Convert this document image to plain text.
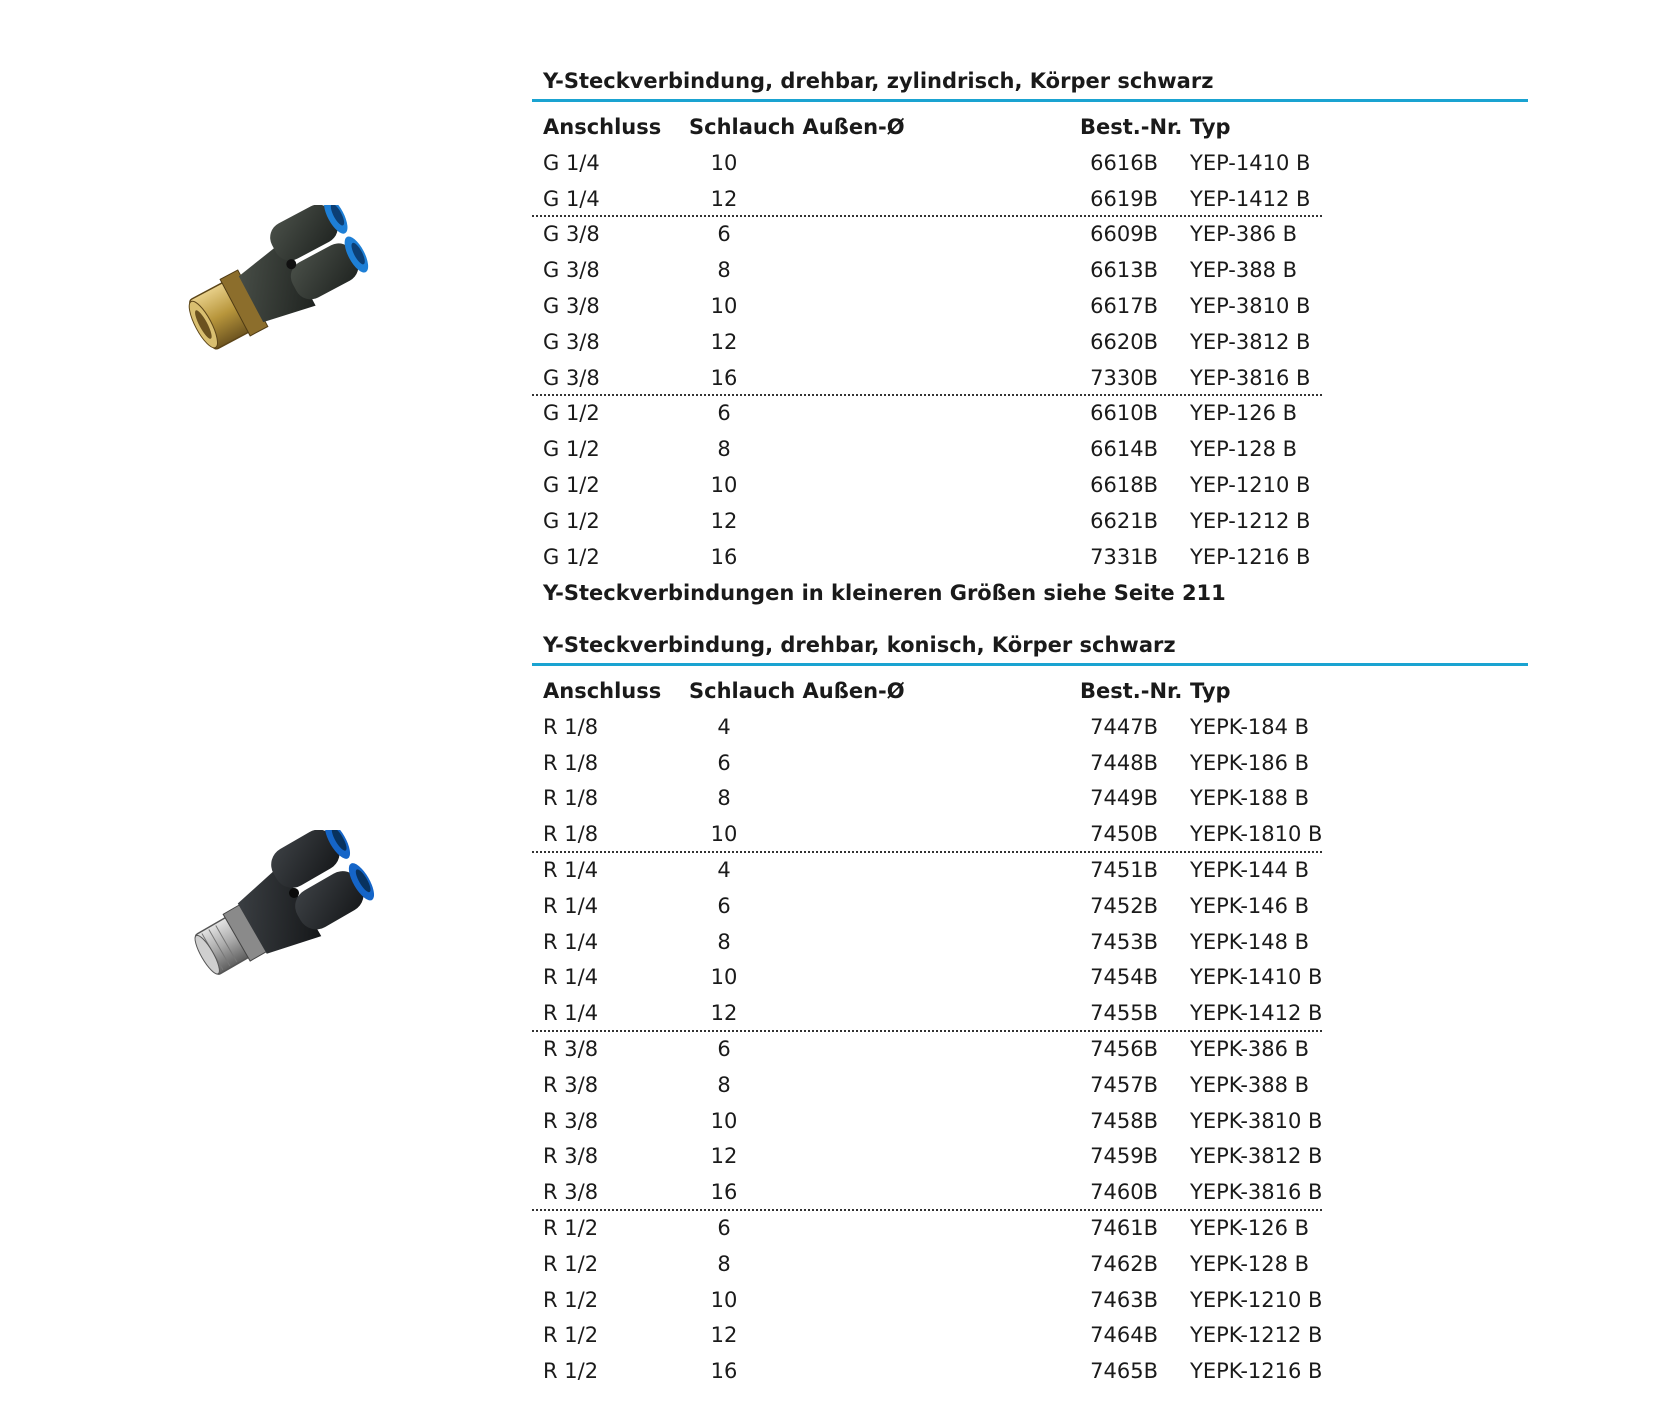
Y-Steckverbindung, drehbar, zylindrisch, Körper schwarz
Anschluss Schlauch Außen-Ø	Best.-Nr. Typ
G 1/4	10	6616B YEP-1410 B
G 1/4	12	6619B YEP-1412 B
G 3/8	6	6609B YEP-386 B
G 3/8	8	6613B YEP-388 B
G 3/8	10	6617B YEP-3810 B
G 3/8	12	6620B YEP-3812 B
G 3/8	16	7330B YEP-3816 B
G 1/2	6	6610B YEP-126 B
G 1/2	8	6614B YEP-128 B
G 1/2	10	6618B YEP-1210 B
G 1/2	12	6621B YEP-1212 B
G 1/2	16	7331B YEP-1216 B
Y-Steckverbindungen in kleineren Größen siehe Seite 211
Y-Steckverbindung, drehbar, konisch, Körper schwarz
Anschluss Schlauch Außen-Ø	Best.-Nr. Typ
R 1/8	4	7447B YEPK-184 B
R 1/8	6	7448B YEPK-186 B
R 1/8	8	7449B YEPK-188 B
R 1/8	10	7450B YEPK-1810 B
R 1/4	4	7451B YEPK-144 B
R 1/4	6	7452B YEPK-146 B
R 1/4	8	7453B YEPK-148 B
R 1/4	10	7454B YEPK-1410 B
R 1/4	12	7455B YEPK-1412 B
R 3/8	6	7456B YEPK-386 B
R 3/8	8	7457B YEPK-388 B
R 3/8	10	7458B YEPK-3810 B
R 3/8	12	7459B YEPK-3812 B
R 3/8	16	7460B YEPK-3816 B
R 1/2	6	7461B YEPK-126 B
R 1/2	8	7462B YEPK-128 B
R 1/2	10	7463B YEPK-1210 B
R 1/2	12	7464B YEPK-1212 B
R 1/2	16	7465B YEPK-1216 B
